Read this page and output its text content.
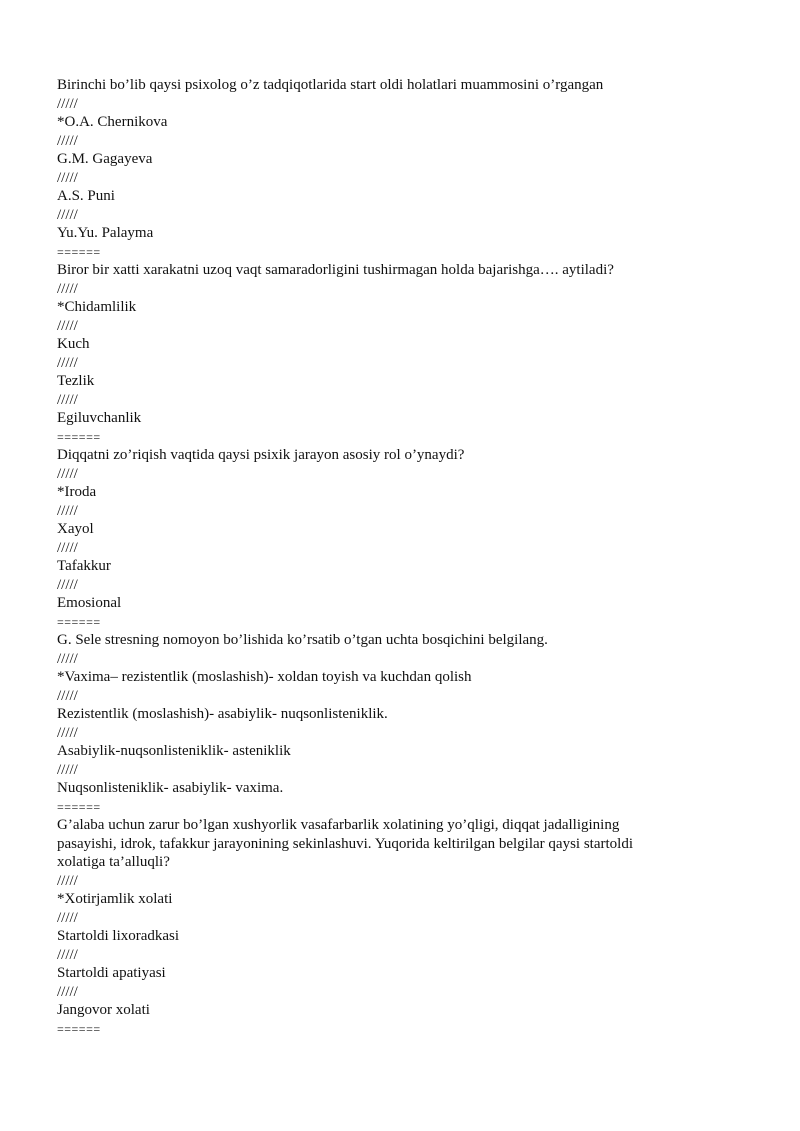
Birinchi bo’lib qaysi psixolog o’z tadqiqotlarida start oldi holatlari muammosini o’rgangan
/////
*O.A. Chernikova
/////
G.M. Gagayeva
/////
A.S. Puni
/////
Yu.Yu. Palayma
======
Biror bir xatti xarakatni uzoq vaqt samaradorligini tushirmagan holda bajarishga…. aytiladi?
/////
*Chidamlilik
/////
Kuch
/////
Tezlik
/////
Egiluvchanlik
======
Diqqatni zo’riqish vaqtida qaysi psixik jarayon asosiy rol o’ynaydi?
/////
*Iroda
/////
Xayol
/////
Tafakkur
/////
Emosional
======
G. Sele stresning nomoyon bo’lishida ko’rsatib o’tgan uchta bosqichini belgilang.
/////
*Vaxima– rezistentlik (moslashish)- xoldan toyish va kuchdan qolish
/////
Rezistentlik (moslashish)- asabiylik- nuqsonlisteniklik.
/////
Asabiylik-nuqsonlisteniklik- asteniklik
/////
Nuqsonlisteniklik- asabiylik- vaxima.
======
G’alaba uchun zarur bo’lgan xushyorlik vasafarbarlik xolatining yo’qligi, diqqat jadalligining
pasayishi, idrok, tafakkur jarayonining sekinlashuvi. Yuqorida keltirilgan belgilar qaysi startoldi
xolatiga ta’alluqli?
/////
*Xotirjamlik xolati
/////
Startoldi lixoradkasi
/////
Startoldi apatiyasi
/////
Jangovor xolati
======
